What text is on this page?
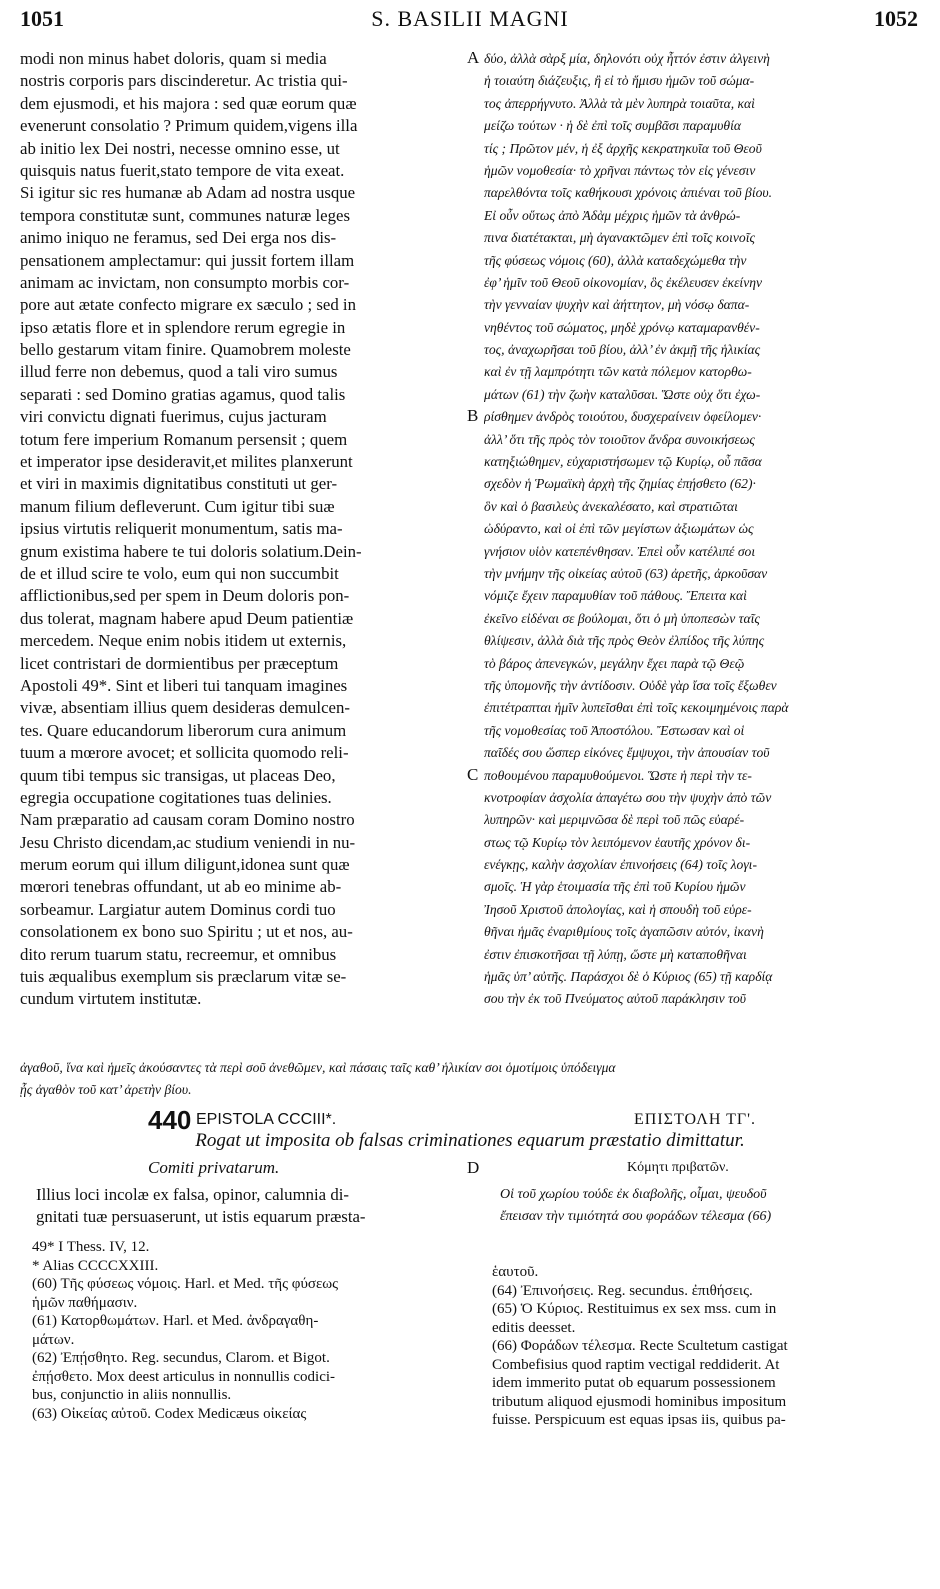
1051	S. BASILII MAGNI	1052
modi non minus habet doloris, quam si media
nostris corporis pars discinderetur. Ac tristia qui-
dem ejusmodi, et his majora : sed quæ eorum quæ
evenerunt consolatio ? Primum quidem,vigens illa
ab initio lex Dei nostri, necesse omnino esse, ut
quisquis natus fuerit,stato tempore de vita exeat.
Si igitur sic res humanæ ab Adam ad nostra usque
tempora constitutæ sunt, communes naturæ leges
animo iniquo ne feramus, sed Dei erga nos dis-
pensationem amplectamur: qui jussit fortem illam
animam ac invictam, non consumpto morbis cor-
pore aut ætate confecto migrare ex sæculo ; sed in
ipso ætatis flore et in splendore rerum egregie in
bello gestarum vitam finire. Quamobrem moleste
illud ferre non debemus, quod a tali viro sumus
separati : sed Domino gratias agamus, quod talis
viri convictu dignati fuerimus, cujus jacturam
totum fere imperium Romanum persensit ; quem
et imperator ipse desideravit,et milites planxerunt
et viri in maximis dignitatibus constituti ut ger-
manum filium defleverunt. Cum igitur tibi suæ
ipsius virtutis reliquerit monumentum, satis ma-
gnum existima habere te tui doloris solatium.Dein-
de et illud scire te volo, eum qui non succumbit
afflictionibus,sed per spem in Deum doloris pon-
dus tolerat, magnam habere apud Deum patientiæ
mercedem. Neque enim nobis itidem ut externis,
licet contristari de dormientibus per præceptum
Apostoli 49*. Sint et liberi tui tanquam imagines
vivæ, absentiam illius quem desideras demulcen-
tes. Quare educandorum liberorum cura animum
tuum a mœrore avocet; et sollicita quomodo reli-
quum tibi tempus sic transigas, ut placeas Deo,
egregia occupatione cogitationes tuas delinies.
Nam præparatio ad causam coram Domino nostro
Jesu Christo dicendam,ac studium veniendi in nu-
merum eorum qui illum diligunt,idonea sunt quæ
mœrori tenebras offundant, ut ab eo minime ab-
sorbeamur. Largiatur autem Dominus cordi tuo
consolationem ex bono suo Spiritu ; ut et nos, au-
dito rerum tuarum statu, recreemur, et omnibus
tuis æqualibus exemplum sis præclarum vitæ se-
cundum virtutem institutæ.
δύο, ἀλλὰ σὰρξ μία, δηλονότι οὐχ ἧττόν ἐστιν ἀλγεινὴ
ἡ τοιαύτη διάζευξις, ἢ εἰ τὸ ἥμισυ ἡμῶν τοῦ σώμα-
τος ἀπερρήγνυτο. Ἀλλὰ τὰ μὲν λυπηρὰ τοιαῦτα, καὶ
μείζω τούτων · ἡ δὲ ἐπὶ τοῖς συμβᾶσι παραμυθία
τίς ; Πρῶτον μέν, ἡ ἐξ ἀρχῆς κεκρατηκυῖα τοῦ Θεοῦ
ἡμῶν νομοθεσία· τὸ χρῆναι πάντως τὸν εἰς γένεσιν
παρελθόντα τοῖς καθήκουσι χρόνοις ἀπιέναι τοῦ βίου.
Εἰ οὖν οὕτως ἀπὸ Ἀδὰμ μέχρις ἡμῶν τὰ ἀνθρώ-
πινα διατέτακται, μὴ ἀγανακτῶμεν ἐπὶ τοῖς κοινοῖς
τῆς φύσεως νόμοις (60), ἀλλὰ καταδεχώμεθα τὴν
ἐφ’ ἡμῖν τοῦ Θεοῦ οἰκονομίαν, ὃς ἐκέλευσεν ἐκείνην
τὴν γενναίαν ψυχὴν καὶ ἀήττητον, μὴ νόσῳ δαπα-
νηθέντος τοῦ σώματος, μηδὲ χρόνῳ καταμαρανθέν-
τος, ἀναχωρῆσαι τοῦ βίου, ἀλλ’ ἐν ἀκμῇ τῆς ἡλικίας
καὶ ἐν τῇ λαμπρότητι τῶν κατὰ πόλεμον κατορθω-
μάτων (61) τὴν ζωὴν καταλῦσαι. Ὥστε οὐχ ὅτι ἐχω-
ρίσθημεν ἀνδρὸς τοιούτου, δυσχεραίνειν ὀφείλομεν·
ἀλλ’ ὅτι τῆς πρὸς τὸν τοιοῦτον ἄνδρα συνοικήσεως
κατηξιώθημεν, εὐχαριστήσωμεν τῷ Κυρίῳ, οὗ πᾶσα
σχεδὸν ἡ Ῥωμαϊκὴ ἀρχὴ τῆς ζημίας ἐπῄσθετο (62)·
ὃν καὶ ὁ βασιλεὺς ἀνεκαλέσατο, καὶ στρατιῶται
ὠδύραντο, καὶ οἱ ἐπὶ τῶν μεγίστων ἀξιωμάτων ὡς
γνήσιον υἱὸν κατεπένθησαν. Ἐπεὶ οὖν κατέλιπέ σοι
τὴν μνήμην τῆς οἰκείας αὐτοῦ (63) ἀρετῆς, ἀρκοῦσαν
νόμιζε ἔχειν παραμυθίαν τοῦ πάθους. Ἔπειτα καὶ
ἐκεῖνο εἰδέναι σε βούλομαι, ὅτι ὁ μὴ ὑποπεσὼν ταῖς
θλίψεσιν, ἀλλὰ διὰ τῆς πρὸς Θεὸν ἐλπίδος τῆς λύπης
τὸ βάρος ἀπενεγκών, μεγάλην ἔχει παρὰ τῷ Θεῷ
τῆς ὑπομονῆς τὴν ἀντίδοσιν. Οὐδὲ γὰρ ἴσα τοῖς ἔξωθεν
ἐπιτέτραπται ἡμῖν λυπεῖσθαι ἐπὶ τοῖς κεκοιμημένοις παρὰ
τῆς νομοθεσίας τοῦ Ἀποστόλου. Ἔστωσαν καὶ οἱ
παῖδές σου ὥσπερ εἰκόνες ἔμψυχοι, τὴν ἀπουσίαν τοῦ
ποθουμένου παραμυθούμενοι. Ὥστε ἡ περὶ τὴν τε-
κνοτροφίαν ἀσχολία ἀπαγέτω σου τὴν ψυχὴν ἀπὸ τῶν
λυπηρῶν· καὶ μεριμνῶσα δὲ περὶ τοῦ πῶς εὐαρέ-
στως τῷ Κυρίῳ τὸν λειπόμενον ἑαυτῆς χρόνον δι-
ενέγκῃς, καλὴν ἀσχολίαν ἐπινοήσεις (64) τοῖς λογι-
σμοῖς. Ἡ γὰρ ἑτοιμασία τῆς ἐπὶ τοῦ Κυρίου ἡμῶν
Ἰησοῦ Χριστοῦ ἀπολογίας, καὶ ἡ σπουδὴ τοῦ εὑρε-
θῆναι ἡμᾶς ἐναριθμίους τοῖς ἀγαπῶσιν αὐτόν, ἱκανὴ
ἐστιν ἐπισκοτῆσαι τῇ λύπῃ, ὥστε μὴ καταποθῆναι
ἡμᾶς ὑπ’ αὐτῆς. Παράσχοι δὲ ὁ Κύριος (65) τῇ καρδίᾳ
σου τὴν ἐκ τοῦ Πνεύματος αὐτοῦ παράκλησιν τοῦ
A
B
C
D
ἀγαθοῦ, ἵνα καὶ ἡμεῖς ἀκούσαντες τὰ περὶ σοῦ ἀνεθῶμεν, καὶ πάσαις ταῖς καθ’ ἡλικίαν σοι ὁμοτίμοις ὑπόδειγμα
ᾖς ἀγαθὸν τοῦ κατ’ ἀρετὴν βίου.
440 EPISTOLA CCCIII*.	ΕΠΙΣΤΟΛΗ ΤΓ'.
Rogat ut imposita ob falsas criminationes equarum præstatio dimittatur.
Comiti privatarum.	Κόμητι πριβατῶν.
Illius loci incolæ ex falsa, opinor, calumnia di-
gnitati tuæ persuaserunt, ut istis equarum præsta-
Οἱ τοῦ χωρίου τούδε ἐκ διαβολῆς, οἶμαι, ψευδοῦ
ἔπεισαν τὴν τιμιότητά σου φοράδων τέλεσμα (66)
49* I Thess. IV, 12.
* Alias CCCCXXIII.
(60) Τῆς φύσεως νόμοις. Harl. et Med. τῆς φύσεως
ἡμῶν παθήμασιν.
(61) Κατορθωμάτων. Harl. et Med. ἀνδραγαθη-
μάτων.
(62) Ἐπῄσθητο. Reg. secundus, Clarom. et Bigot.
ἐπῄσθετο. Mox deest articulus in nonnullis codici-
bus, conjunctio in aliis nonnullis.
(63) Οἰκείας αὐτοῦ. Codex Medicæus οἰκείας
ἑαυτοῦ.
(64) Ἐπινοήσεις. Reg. secundus. ἐπιθήσεις.
(65) Ὁ Κύριος. Restituimus ex sex mss. cum in
editis deesset.
(66) Φοράδων τέλεσμα. Recte Scultetum castigat
Combefisius quod raptim vectigal reddiderit. At
idem immerito putat ob equarum possessionem
tributum aliquod ejusmodi hominibus impositum
fuisse. Perspicuum est equas ipsas iis, quibus pa-
